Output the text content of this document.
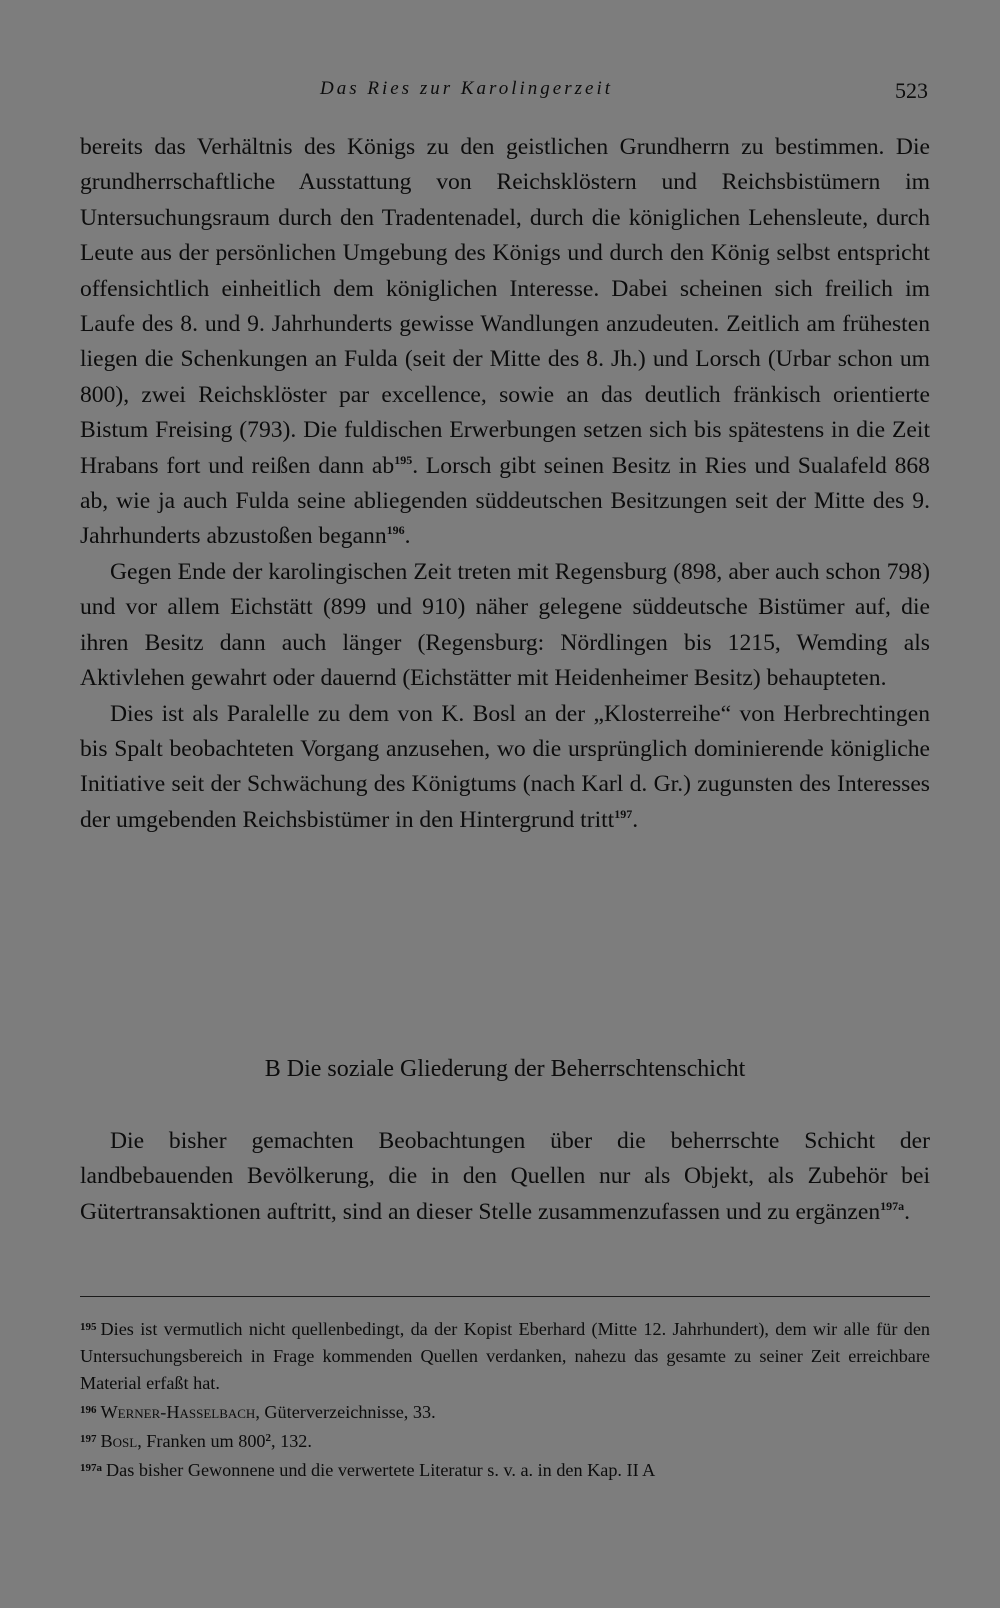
Das Ries zur Karolingerzeit	523

bereits das Verhältnis des Königs zu den geistlichen Grundherrn zu bestimmen. Die grundherrschaftliche Ausstattung von Reichsklöstern und Reichsbistümern im Untersuchungsraum durch den Tradentenadel, durch die königlichen Lehensleute, durch Leute aus der persönlichen Umgebung des Königs und durch den König selbst entspricht offensichtlich einheitlich dem königlichen Interesse. Dabei scheinen sich freilich im Laufe des 8. und 9. Jahrhunderts gewisse Wandlungen anzudeuten. Zeitlich am frühesten liegen die Schenkungen an Fulda (seit der Mitte des 8. Jh.) und Lorsch (Urbar schon um 800), zwei Reichsklöster par excellence, sowie an das deutlich fränkisch orientierte Bistum Freising (793). Die fuldischen Erwerbungen setzen sich bis spätestens in die Zeit Hrabans fort und reißen dann ab$^{195}$. Lorsch gibt seinen Besitz in Ries und Sualafeld 868 ab, wie ja auch Fulda seine abliegenden süddeutschen Besitzungen seit der Mitte des 9. Jahrhunderts abzustoßen begann$^{196}$.

Gegen Ende der karolingischen Zeit treten mit Regensburg (898, aber auch schon 798) und vor allem Eichstätt (899 und 910) näher gelegene süddeutsche Bistümer auf, die ihren Besitz dann auch länger (Regensburg: Nördlingen bis 1215, Wemding als Aktivlehen gewahrt oder dauernd (Eichstätter mit Heidenheimer Besitz) behaupteten.

Dies ist als Paralelle zu dem von K. Bosl an der „Klosterreihe“ von Herbrechtingen bis Spalt beobachteten Vorgang anzusehen, wo die ursprünglich dominierende königliche Initiative seit der Schwächung des Königtums (nach Karl d. Gr.) zugunsten des Interesses der umgebenden Reichsbistümer in den Hintergrund tritt$^{197}$.

B Die soziale Gliederung der Beherrschtenschicht

Die bisher gemachten Beobachtungen über die beherrschte Schicht der landbebauenden Bevölkerung, die in den Quellen nur als Objekt, als Zubehör bei Gütertransaktionen auftritt, sind an dieser Stelle zusammenzufassen und zu ergänzen$^{197a}$.

$^{195}$ Dies ist vermutlich nicht quellenbedingt, da der Kopist Eberhard (Mitte 12. Jahrhundert), dem wir alle für den Untersuchungsbereich in Frage kommenden Quellen verdanken, nahezu das gesamte zu seiner Zeit erreichbare Material erfaßt hat.

$^{196}$ Werner-Hasselbach, Güterverzeichnisse, 33.

$^{197}$ Bosl, Franken um $800^2$, 132.

$^{197a}$ Das bisher Gewonnene und die verwertete Literatur s. v. a. in den Kap. II A
